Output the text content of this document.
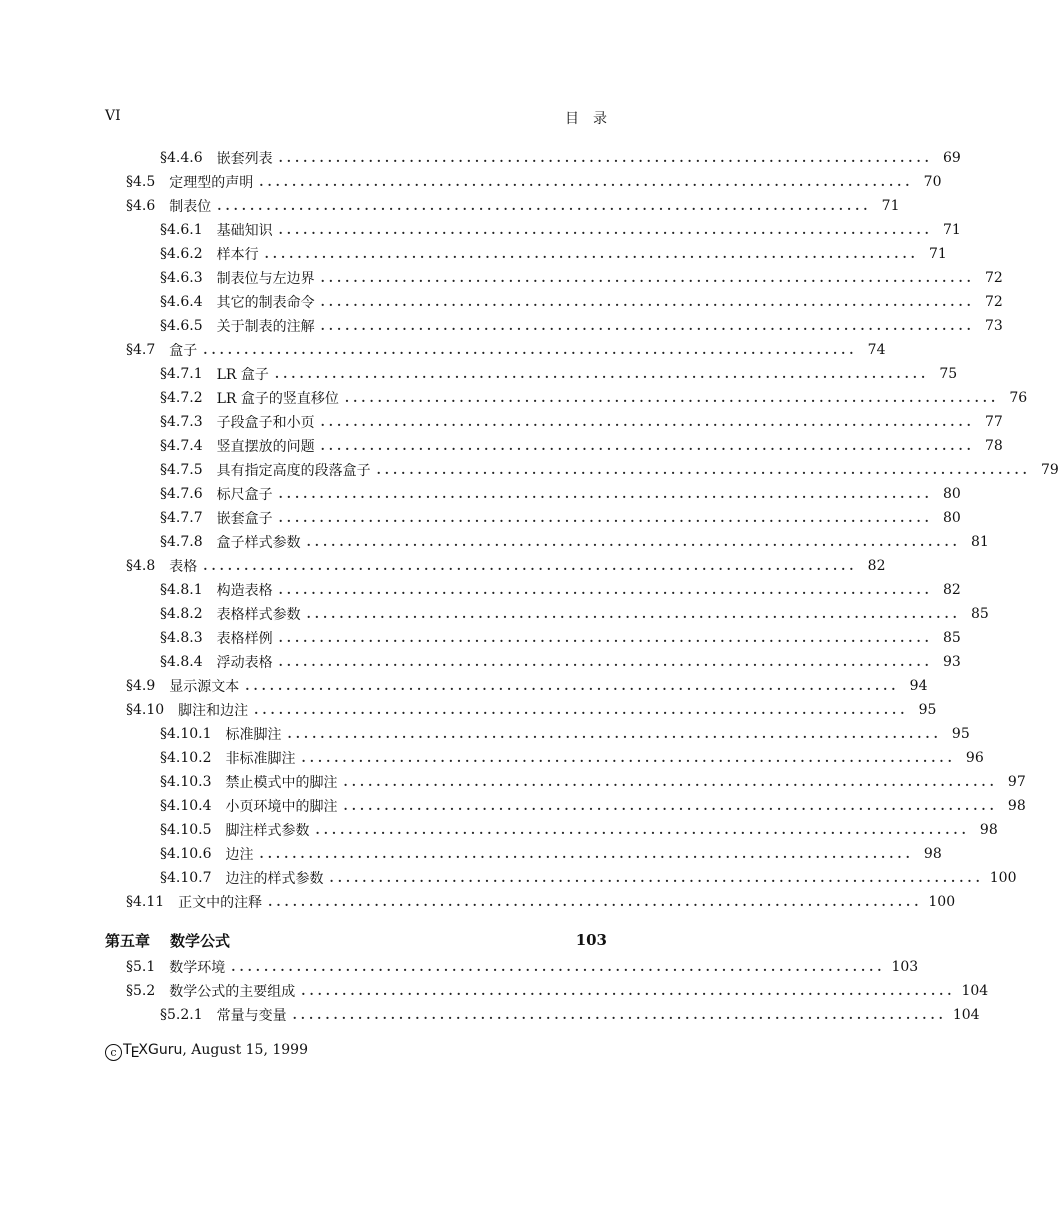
VI	目录
§4.4.6 嵌套列表 ................................................................................ 69
§4.5 定理型的声明 ................................................................................ 70
§4.6 制表位 ................................................................................ 71
§4.6.1 基础知识 ................................................................................ 71
§4.6.2 样本行 ................................................................................ 71
§4.6.3 制表位与左边界 ................................................................................ 72
§4.6.4 其它的制表命令 ................................................................................ 72
§4.6.5 关于制表的注解 ................................................................................ 73
§4.7 盒子 ................................................................................ 74
§4.7.1 LR 盒子 ................................................................................ 75
§4.7.2 LR 盒子的竖直移位 ................................................................................ 76
§4.7.3 子段盒子和小页 ................................................................................ 77
§4.7.4 竖直摆放的问题 ................................................................................ 78
§4.7.5 具有指定高度的段落盒子 ................................................................................ 79
§4.7.6 标尺盒子 ................................................................................ 80
§4.7.7 嵌套盒子 ................................................................................ 80
§4.7.8 盒子样式参数 ................................................................................ 81
§4.8 表格 ................................................................................ 82
§4.8.1 构造表格 ................................................................................ 82
§4.8.2 表格样式参数 ................................................................................ 85
§4.8.3 表格样例 ................................................................................ 85
§4.8.4 浮动表格 ................................................................................ 93
§4.9 显示源文本 ................................................................................ 94
§4.10 脚注和边注 ................................................................................ 95
§4.10.1 标准脚注 ................................................................................ 95
§4.10.2 非标准脚注 ................................................................................ 96
§4.10.3 禁止模式中的脚注 ................................................................................ 97
§4.10.4 小页环境中的脚注 ................................................................................ 98
§4.10.5 脚注样式参数 ................................................................................ 98
§4.10.6 边注 ................................................................................ 98
§4.10.7 边注的样式参数 ................................................................................ 100
§4.11 正文中的注释 ................................................................................ 100
第五章 数学公式	103
§5.1 数学环境 ................................................................................ 103
§5.2 数学公式的主要组成 ................................................................................ 104
§5.2.1 常量与变量 ................................................................................ 104
c TEXGuru, August 15, 1999
